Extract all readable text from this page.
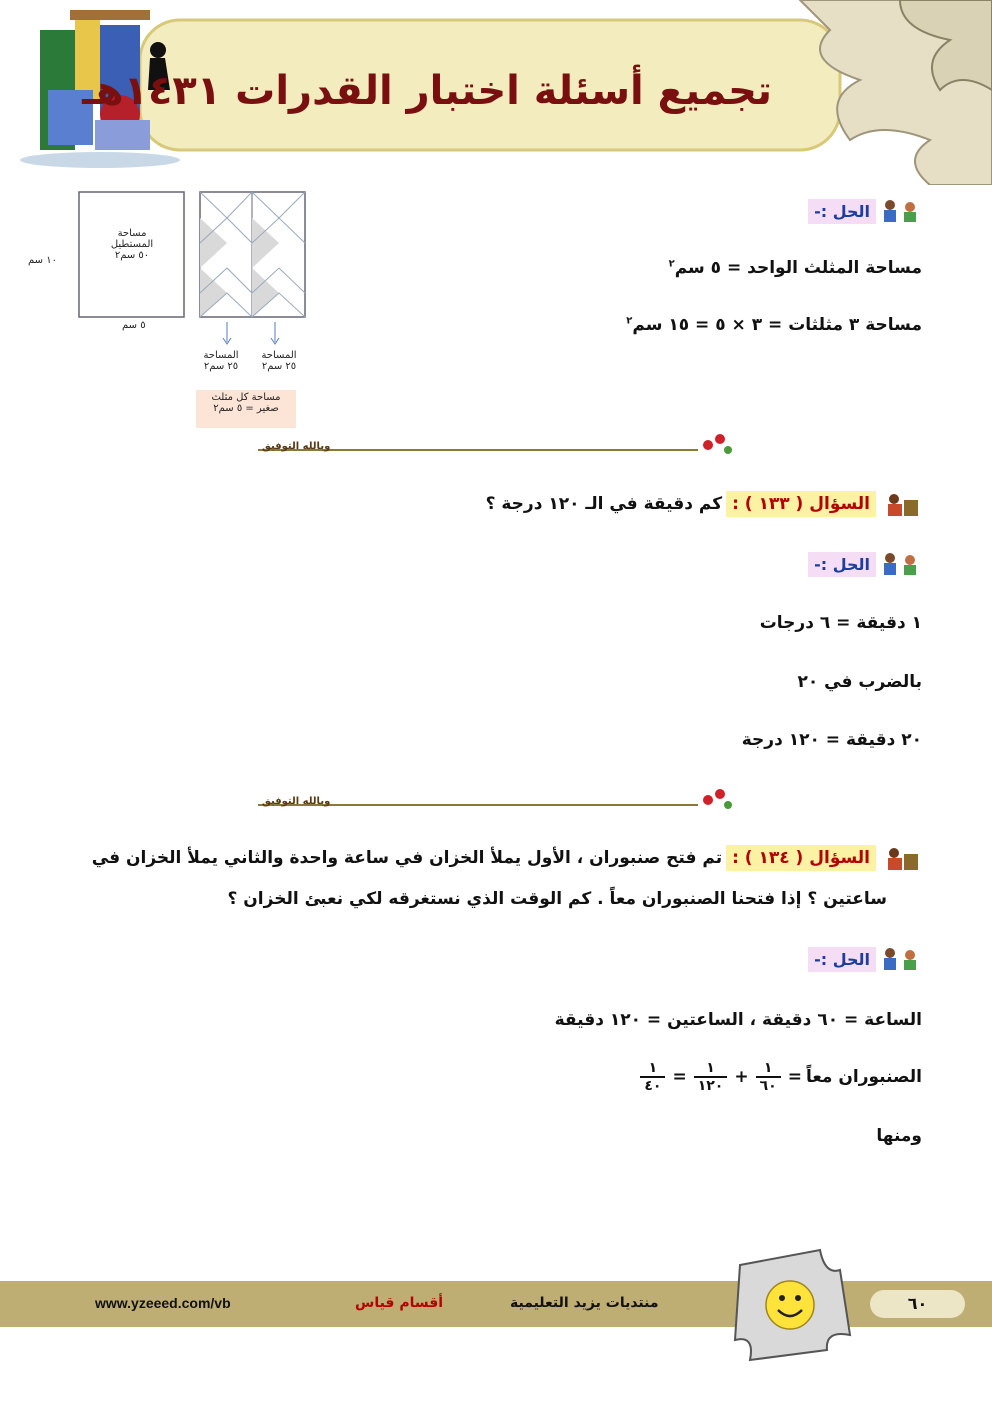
تجميع أسئلة اختبار القدرات ١٤٣١هـ
مساحة
المستطيل
٥٠ سم٢
١٠ سم
٥ سم
المساحة
٢٥ سم٢
المساحة
٢٥ سم٢
مساحة كل مثلث
صغير = ٥ سم٢
الحل :-
مساحة المثلث الواحد = ٥ سم$^٢$
مساحة ٣ مثلثات = ٣ × ٥ = ١٥ سم$^٢$
وبالله التوفيق
السؤال ( ١٣٣ ) :
كم دقيقة في الـ ١٢٠ درجة ؟
الحل :-
١ دقيقة = ٦ درجات
بالضرب في ٢٠
٢٠ دقيقة = ١٢٠ درجة
وبالله التوفيق
السؤال ( ١٣٤ ) :
تم فتح صنبوران ، الأول يملأ الخزان في ساعة واحدة والثاني يملأ الخزان في
ساعتين ؟ إذا فتحنا الصنبوران معاً . كم الوقت الذي نستغرقه لكي نعبئ الخزان ؟
الحل :-
الساعة = ٦٠ دقيقة ، الساعتين = ١٢٠ دقيقة
الصنبوران معاً
=
$\frac{١}{٦٠}$
+
$\frac{١}{١٢٠}$
=
$\frac{١}{٤٠}$
ومنها
www.yzeeed.com/vb	أقسام قياس	منتديات يزيد التعليمية	٦٠
